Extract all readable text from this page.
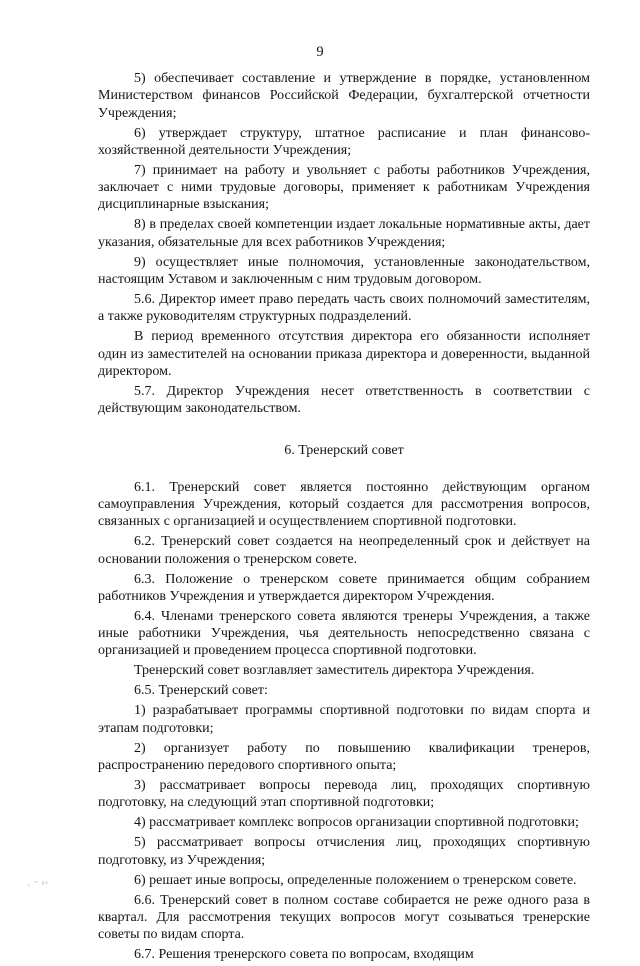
9

5) обеспечивает составление и утверждение в порядке, установленном Министерством финансов Российской Федерации, бухгалтерской отчетности Учреждения;

6) утверждает структуру, штатное расписание и план финансово-хозяйственной деятельности Учреждения;

7) принимает на работу и увольняет с работы работников Учреждения, заключает с ними трудовые договоры, применяет к работникам Учреждения дисциплинарные взыскания;

8) в пределах своей компетенции издает локальные нормативные акты, дает указания, обязательные для всех работников Учреждения;

9) осуществляет иные полномочия, установленные законодательством, настоящим Уставом и заключенным с ним трудовым договором.

5.6. Директор имеет право передать часть своих полномочий заместителям, а также руководителям структурных подразделений.

В период временного отсутствия директора его обязанности исполняет один из заместителей на основании приказа директора и доверенности, выданной директором.

5.7. Директор Учреждения несет ответственность в соответствии с действующим законодательством.

6. Тренерский совет

6.1. Тренерский совет является постоянно действующим органом самоуправления Учреждения, который создается для рассмотрения вопросов, связанных с организацией и осуществлением спортивной подготовки.

6.2. Тренерский совет создается на неопределенный срок и действует на основании положения о тренерском совете.

6.3. Положение о тренерском совете принимается общим собранием работников Учреждения и утверждается директором Учреждения.

6.4. Членами тренерского совета являются тренеры Учреждения, а также иные работники Учреждения, чья деятельность непосредственно связана с организацией и проведением процесса спортивной подготовки.

Тренерский совет возглавляет заместитель директора Учреждения.

6.5. Тренерский совет:

1) разрабатывает программы спортивной подготовки по видам спорта и этапам подготовки;

2) организует работу по повышению квалификации тренеров, распространению передового спортивного опыта;

3) рассматривает вопросы перевода лиц, проходящих спортивную подготовку, на следующий этап спортивной подготовки;

4) рассматривает комплекс вопросов организации спортивной подготовки;

5) рассматривает вопросы отчисления лиц, проходящих спортивную подготовку, из Учреждения;

6) решает иные вопросы, определенные положением о тренерском совете.

6.6. Тренерский совет в полном составе собирается не реже одного раза в квартал. Для рассмотрения текущих вопросов могут созываться тренерские советы по видам спорта.

6.7. Решения тренерского совета по вопросам, входящим

ᵣ ⁼ ᵖˣ
